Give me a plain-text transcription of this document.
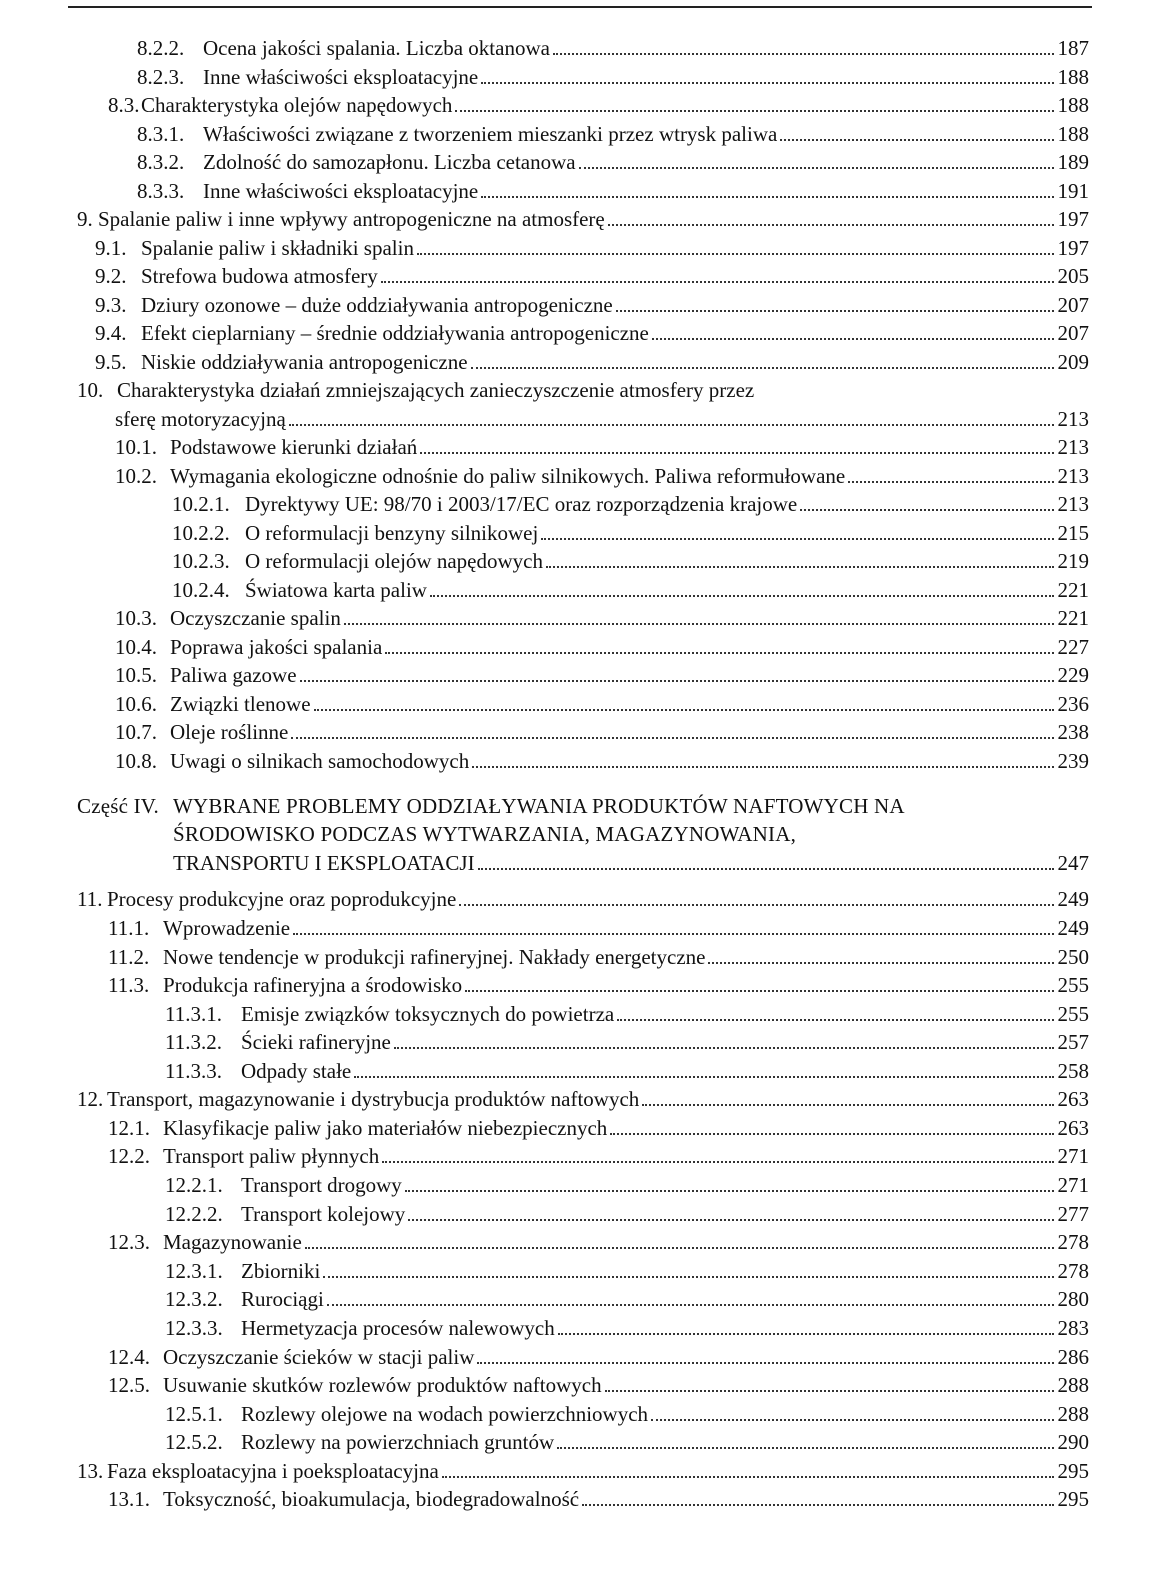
8.2.2. Ocena jakości spalania. Liczba oktanowa	187
8.2.3. Inne właściwości eksploatacyjne	188
8.3. Charakterystyka olejów napędowych	188
8.3.1. Właściwości związane z tworzeniem mieszanki przez wtrysk paliwa	188
8.3.2. Zdolność do samozapłonu. Liczba cetanowa	189
8.3.3. Inne właściwości eksploatacyjne	191
9. Spalanie paliw i inne wpływy antropogeniczne na atmosferę	197
9.1. Spalanie paliw i składniki spalin	197
9.2. Strefowa budowa atmosfery	205
9.3. Dziury ozonowe – duże oddziaływania antropogeniczne	207
9.4. Efekt cieplarniany – średnie oddziaływania antropogeniczne	207
9.5. Niskie oddziaływania antropogeniczne	209
10. Charakterystyka działań zmniejszających zanieczyszczenie atmosfery przez
sferę motoryzacyjną	213
10.1. Podstawowe kierunki działań	213
10.2. Wymagania ekologiczne odnośnie do paliw silnikowych. Paliwa reformułowane	213
10.2.1. Dyrektywy UE: 98/70 i 2003/17/EC oraz rozporządzenia krajowe	213
10.2.2. O reformulacji benzyny silnikowej	215
10.2.3. O reformulacji olejów napędowych	219
10.2.4. Światowa karta paliw	221
10.3. Oczyszczanie spalin	221
10.4. Poprawa jakości spalania	227
10.5. Paliwa gazowe	229
10.6. Związki tlenowe	236
10.7. Oleje roślinne	238
10.8. Uwagi o silnikach samochodowych	239
Część IV. WYBRANE PROBLEMY ODDZIAŁYWANIA PRODUKTÓW NAFTOWYCH NA
ŚRODOWISKO PODCZAS WYTWARZANIA, MAGAZYNOWANIA,
TRANSPORTU I EKSPLOATACJI	247
11. Procesy produkcyjne oraz poprodukcyjne	249
11.1. Wprowadzenie	249
11.2. Nowe tendencje w produkcji rafineryjnej. Nakłady energetyczne	250
11.3. Produkcja rafineryjna a środowisko	255
11.3.1. Emisje związków toksycznych do powietrza	255
11.3.2. Ścieki rafineryjne	257
11.3.3. Odpady stałe	258
12. Transport, magazynowanie i dystrybucja produktów naftowych	263
12.1. Klasyfikacje paliw jako materiałów niebezpiecznych	263
12.2. Transport paliw płynnych	271
12.2.1. Transport drogowy	271
12.2.2. Transport kolejowy	277
12.3. Magazynowanie	278
12.3.1. Zbiorniki	278
12.3.2. Rurociągi	280
12.3.3. Hermetyzacja procesów nalewowych	283
12.4. Oczyszczanie ścieków w stacji paliw	286
12.5. Usuwanie skutków rozlewów produktów naftowych	288
12.5.1. Rozlewy olejowe na wodach powierzchniowych	288
12.5.2. Rozlewy na powierzchniach gruntów	290
13. Faza eksploatacyjna i poeksploatacyjna	295
13.1. Toksyczność, bioakumulacja, biodegradowalność	295
